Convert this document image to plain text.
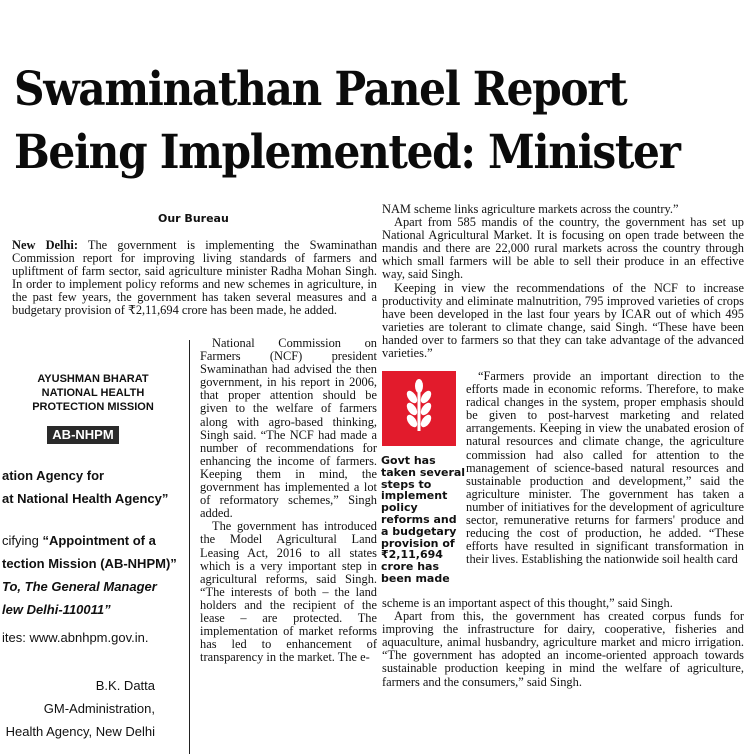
Swaminathan Panel Report
Being Implemented: Minister
Our Bureau

New Delhi: The government is implementing the Swaminathan Commission report for improving living standards of farmers and upliftment of farm sector, said agriculture minister Radha Mohan Singh. In order to implement policy reforms and new schemes in agriculture, in the past few years, the government has taken several measures and a budgetary provision of ₹2,11,694 crore has been made, he added.

AYUSHMAN BHARAT
NATIONAL HEALTH
PROTECTION MISSION
AB-NHPM
ation Agency for
at National Health Agency”
cifying “Appointment of a
tection Mission (AB-NHPM)”
To, The General Manager
lew Delhi-110011”
ites: www.abnhpm.gov.in.
B.K. Datta
GM-Administration,
Health Agency, New Delhi

National Commission on Farmers (NCF) president Swaminathan had advised the then government, in his report in 2006, that proper attention should be given to the welfare of farmers along with agro-based thinking, Singh said. “The NCF had made a number of recommendations for enhancing the income of farmers. Keeping them in mind, the government has implemented a lot of reformatory schemes,” Singh added.

The government has introduced the Model Agricultural Land Leasing Act, 2016 to all states which is a very important step in agricultural reforms, said Singh. “The interests of both – the land holders and the recipient of the lease – are protected. The implementation of market reforms has led to enhancement of transparency in the market. The e-

NAM scheme links agriculture markets across the country.”

Apart from 585 mandis of the country, the government has set up National Agricultural Market. It is focusing on open trade between the mandis and there are 22,000 rural markets across the country through which small farmers will be able to sell their produce in an effective way, said Singh.

Keeping in view the recommendations of the NCF to increase productivity and eliminate malnutrition, 795 improved varieties of crops have been developed in the last four years by ICAR out of which 495 varieties are tolerant to climate change, said Singh. “These have been handed over to farmers so that they can take advantage of the advanced varieties.”

Govt has
taken several
steps to
implement
policy
reforms and
a budgetary
provision of
₹2,11,694
crore has
been made

“Farmers provide an important direction to the efforts made in economic reforms. Therefore, to make radical changes in the system, proper emphasis should be given to post-harvest marketing and related arrangements. Keeping in view the unabated erosion of natural resources and climate change, the agriculture commission had also called for attention to the management of science-based natural resources and sustainable production and development,” said the agriculture minister. The government has taken a number of initiatives for the development of agriculture sector, remunerative returns for farmers' produce and reducing the cost of production, he added. “These efforts have resulted in significant transformation in their lives. Establishing the nationwide soil health card

scheme is an important aspect of this thought,” said Singh.

Apart from this, the government has created corpus funds for improving the infrastructure for dairy, cooperative, fisheries and aquaculture, animal husbandry, agriculture market and micro irrigation. “The government has adopted an income-oriented approach towards sustainable production keeping in mind the welfare of agriculture, farmers and the consumers,” said Singh.
